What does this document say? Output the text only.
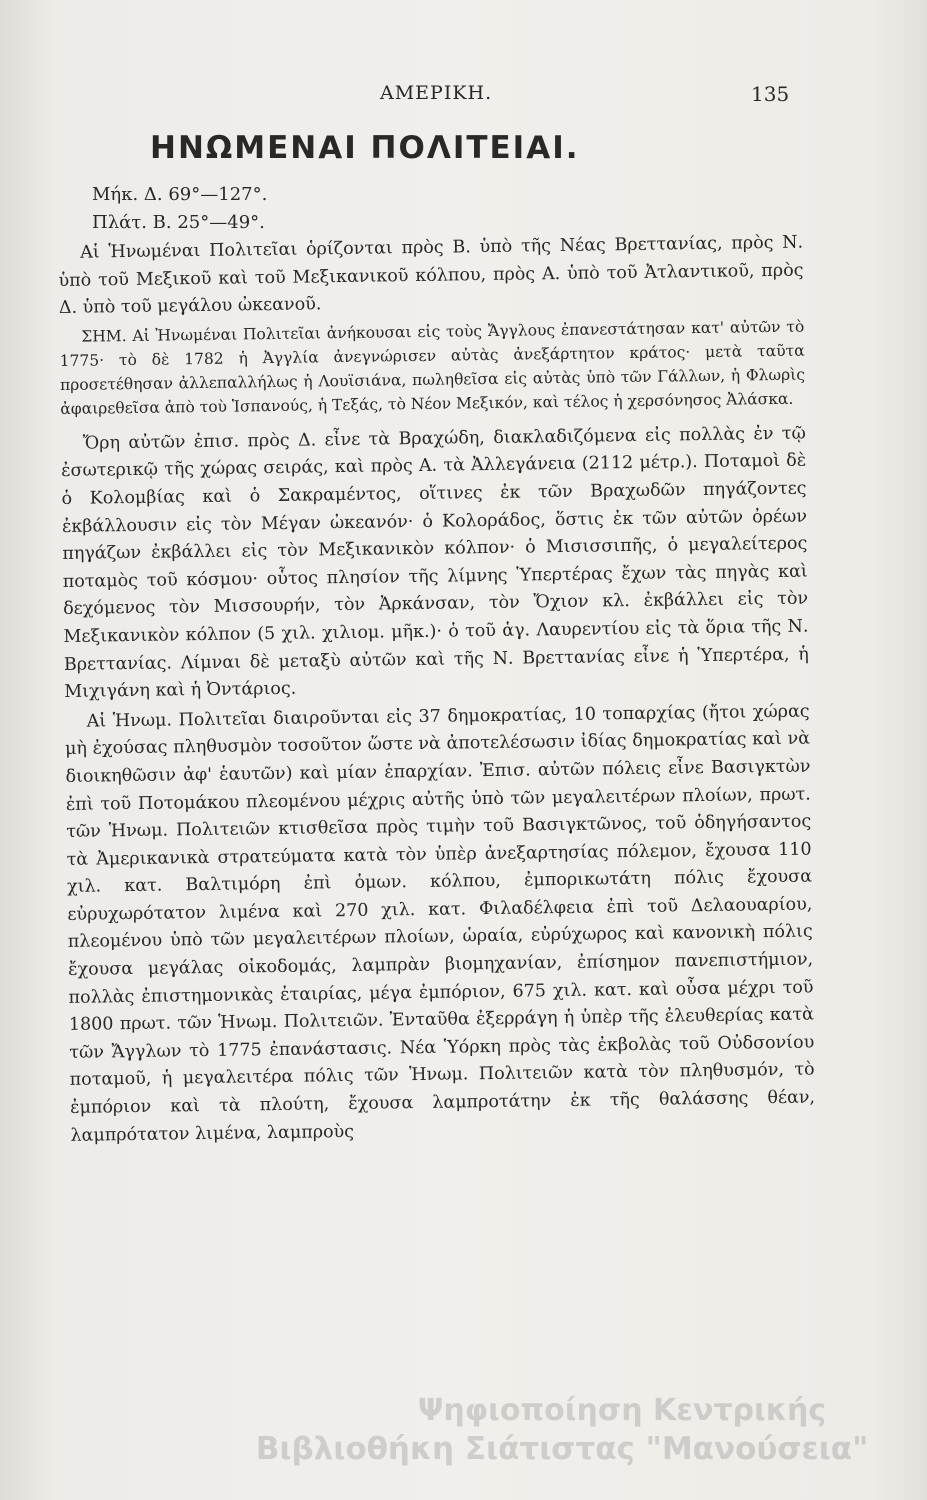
ΑΜΕΡΙΚΗ.	135
ΗΝΩΜΕΝΑΙ ΠΟΛΙΤΕΙΑΙ.
Μήκ. Δ. 69°—127°.
Πλάτ. Β. 25°—49°.

Αἱ Ἡνωμέναι Πολιτεῖαι ὁρίζονται πρὸς Β. ὑπὸ τῆς Νέας Βρεττανίας, πρὸς Ν. ὑπὸ τοῦ Μεξικοῦ καὶ τοῦ Μεξικανικοῦ κόλπου, πρὸς Α. ὑπὸ τοῦ Ἀτλαντικοῦ, πρὸς Δ. ὑπὸ τοῦ μεγάλου ὠκεανοῦ.

ΣΗΜ. Αἱ Ἡνωμέναι Πολιτεῖαι ἀνήκουσαι εἰς τοὺς Ἄγγλους ἐπανεστάτησαν κατ' αὐτῶν τὸ 1775· τὸ δὲ 1782 ἡ Ἀγγλία ἀνεγνώρισεν αὐτὰς ἀνεξάρτητον κράτος· μετὰ ταῦτα προσετέθησαν ἀλλεπαλλήλως ἡ Λουϊσιάνα, πωληθεῖσα εἰς αὐτὰς ὑπὸ τῶν Γάλλων, ἡ Φλωρὶς ἀφαιρεθεῖσα ἀπὸ τοὺ Ἱσπανούς, ἡ Τεξάς, τὸ Νέον Μεξικόν, καὶ τέλος ἡ χερσόνησος Ἀλάσκα.

Ὄρη αὐτῶν ἐπισ. πρὸς Δ. εἶνε τὰ Βραχώδη, διακλαδιζόμενα εἰς πολλὰς ἐν τῷ ἐσωτερικῷ τῆς χώρας σειράς, καὶ πρὸς Α. τὰ Ἀλλεγάνεια (2112 μέτρ.). Ποταμοὶ δὲ ὁ Κολομβίας καὶ ὁ Σακραμέντος, οἵτινες ἐκ τῶν Βραχωδῶν πηγάζοντες ἐκβάλλουσιν εἰς τὸν Μέγαν ὠκεανόν· ὁ Κολοράδος, ὅστις ἐκ τῶν αὐτῶν ὀρέων πηγάζων ἐκβάλλει εἰς τὸν Μεξικανικὸν κόλπον· ὁ Μισισσιπῆς, ὁ μεγαλείτερος ποταμὸς τοῦ κόσμου· οὗτος πλησίον τῆς λίμνης Ὑπερτέρας ἔχων τὰς πηγὰς καὶ δεχόμενος τὸν Μισσουρήν, τὸν Ἀρκάνσαν, τὸν Ὄχιον κλ. ἐκβάλλει εἰς τὸν Μεξικανικὸν κόλπον (5 χιλ. χιλιομ. μῆκ.)· ὁ τοῦ ἁγ. Λαυρεντίου εἰς τὰ ὅρια τῆς Ν. Βρεττανίας. Λίμναι δὲ μεταξὺ αὐτῶν καὶ τῆς Ν. Βρεττανίας εἶνε ἡ Ὑπερτέρα, ἡ Μιχιγάνη καὶ ἡ Ὀντάριος.

Αἱ Ἡνωμ. Πολιτεῖαι διαιροῦνται εἰς 37 δημοκρατίας, 10 τοπαρχίας (ἤτοι χώρας μὴ ἐχούσας πληθυσμὸν τοσοῦτον ὥστε νὰ ἀποτελέσωσιν ἰδίας δημοκρατίας καὶ νὰ διοικηθῶσιν ἀφ' ἑαυτῶν) καὶ μίαν ἐπαρχίαν. Ἐπισ. αὐτῶν πόλεις εἶνε Βασιγκτὼν ἐπὶ τοῦ Ποτομάκου πλεομένου μέχρις αὐτῆς ὑπὸ τῶν μεγαλειτέρων πλοίων, πρωτ. τῶν Ἡνωμ. Πολιτειῶν κτισθεῖσα πρὸς τιμὴν τοῦ Βασιγκτῶνος, τοῦ ὁδηγήσαντος τὰ Ἀμερικανικὰ στρατεύματα κατὰ τὸν ὑπὲρ ἀνεξαρτησίας πόλεμον, ἔχουσα 110 χιλ. κατ. Βαλτιμόρη ἐπὶ ὁμων. κόλπου, ἐμπορικωτάτη πόλις ἔχουσα εὐρυχωρότατον λιμένα καὶ 270 χιλ. κατ. Φιλαδέλφεια ἐπὶ τοῦ Δελαουαρίου, πλεομένου ὑπὸ τῶν μεγαλειτέρων πλοίων, ὡραία, εὐρύχωρος καὶ κανονικὴ πόλις ἔχουσα μεγάλας οἰκοδομάς, λαμπρὰν βιομηχανίαν, ἐπίσημον πανεπιστήμιον, πολλὰς ἐπιστημονικὰς ἑταιρίας, μέγα ἐμπόριον, 675 χιλ. κατ. καὶ οὖσα μέχρι τοῦ 1800 πρωτ. τῶν Ἡνωμ. Πολιτειῶν. Ἐνταῦθα ἐξερράγη ἡ ὑπὲρ τῆς ἐλευθερίας κατὰ τῶν Ἄγγλων τὸ 1775 ἐπανάστασις. Νέα Ὑόρκη πρὸς τὰς ἐκβολὰς τοῦ Οὐδσονίου ποταμοῦ, ἡ μεγαλειτέρα πόλις τῶν Ἡνωμ. Πολιτειῶν κατὰ τὸν πληθυσμόν, τὸ ἐμπόριον καὶ τὰ πλούτη, ἔχουσα λαμπροτάτην ἐκ τῆς θαλάσσης θέαν, λαμπρότατον λιμένα, λαμπροὺς

Ψηφιοποίηση Κεντρικής
Βιβλιοθήκη Σιάτιστας "Μανούσεια"
